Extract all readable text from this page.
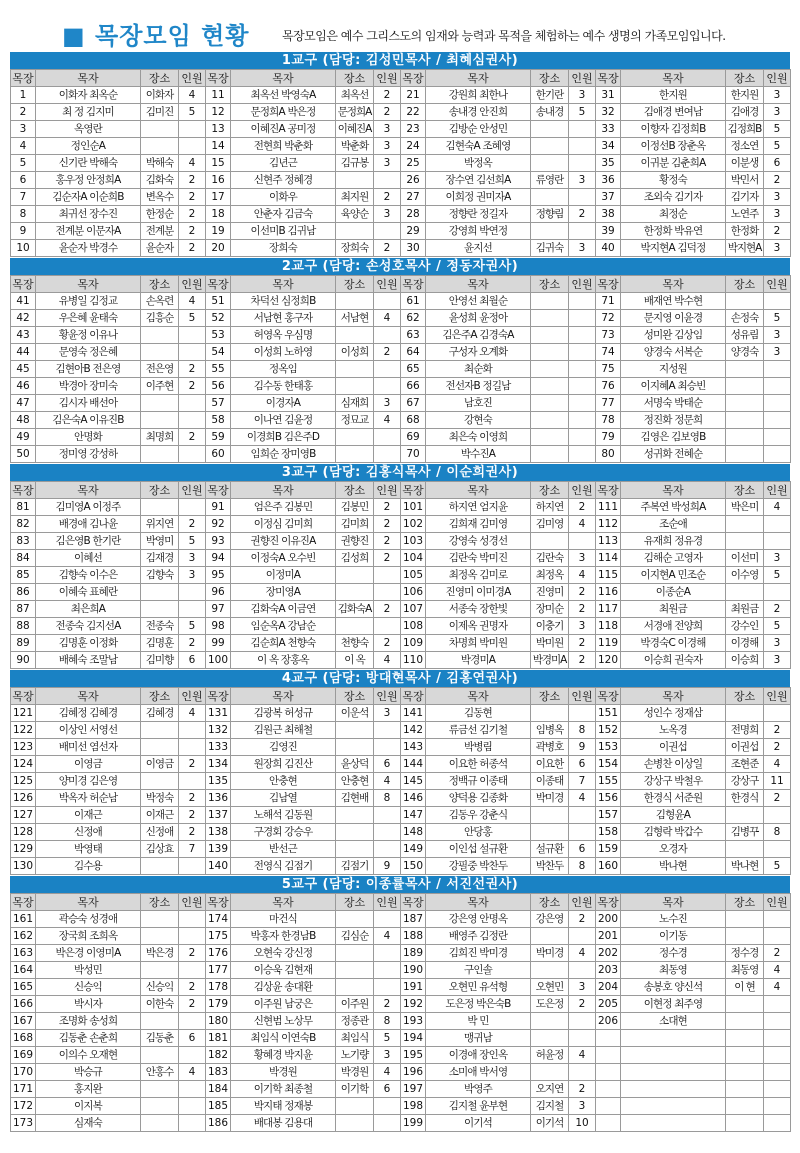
■ 목장모임 현황	목장모임은 예수 그리스도의 임재와 능력과 목적을 체험하는 예수 생명의 가족모임입니다.
1교구 (담당: 김성민목사 / 최혜심권사)
목장	목자	장소	인원	목장	목자	장소	인원	목장	목자	장소	인원	목장	목자	장소	인원
1	이화자 최옥순	이화자	4	11	최옥선 박영숙A	최옥선	2	21	강원희 최한나	한기란	3	31	한지원	한지원	3
2	최 정 김지미	김미진	5	12	문정희A 박은정	문정희A	2	22	송내경 안진희	송내경	5	32	김애경 변여남	김애경	3
3	옥영란			13	이혜진A 공미정	이혜진A	3	23	김방순 안성민			33	이향자 김정희B	김정희B	5
4	정인순A			14	전현희 박춘화	박춘화	3	24	김현숙A 조혜영			34	이정선B 장춘옥	정소연	5
5	신기란 박해숙	박해숙	4	15	김년근	김규봉	3	25	박정옥			35	이귀분 김춘희A	이분생	6
6	홍우정 안정희A	김화숙	2	16	신현주 정혜경			26	장수연 김선희A	류영란	3	36	황정숙	박민서	2
7	김순자A 이순희B	변옥수	2	17	이화우	최지원	2	27	이희정 권미자A			37	조외숙 김기자	김기자	3
8	최귀선 장수진	한정순	2	18	안춘자 김금숙	육양순	3	28	정향란 정길자	정향림	2	38	최정순	노연주	3
9	전계분 이문자A	전계분	2	19	이선미B 김귀남			29	강영희 박연정			39	한정화 박유연	한정화	2
10	윤순자 박경수	윤순자	2	20	장희숙	장희숙	2	30	윤지선	김귀숙	3	40	박지현A 김덕정	박지현A	3
2교구 (담당: 손성호목사 / 정동자권사)
목장	목자	장소	인원	목장	목자	장소	인원	목장	목자	장소	인원	목장	목자	장소	인원
41	유병일 김정교	손옥련	4	51	차덕선 심정희B			61	안영선 최월순			71	배재연 박수현		
42	우은혜 윤태숙	김흥순	5	52	서남현 홍구자	서남현	4	62	윤성희 윤정아			72	문지영 이윤경	손정숙	5
43	황윤정 이유나			53	허영옥 우심명			63	김은주A 김경숙A			73	성미완 김상임	성유림	3
44	문영숙 정은혜			54	이성희 노하영	이성희	2	64	구성자 오계화			74	양경숙 서복순	양경숙	3
45	김현아B 전은영	전은영	2	55	정옥임			65	최순화			75	지성원		
46	박경아 장미숙	이주현	2	56	김수동 한태홍			66	전선자B 정길남			76	이지혜A 최승빈		
47	김시자 배선아			57	이경자A	심재희	3	67	남호진			77	서명숙 박태순		
48	김은숙A 이유진B			58	이나연 김윤정	정묘교	4	68	강현숙			78	정진화 정문희		
49	안명화	최명희	2	59	이경희B 김은주D			69	최은숙 이영희			79	김영은 김보영B		
50	정미영 강성하			60	임희순 장미영B			70	박수진A			80	성귀화 전혜순		
3교구 (담당: 김홍식목사 / 이순희권사)
목장	목자	장소	인원	목장	목자	장소	인원	목장	목자	장소	인원	목장	목자	장소	인원
81	김미영A 이정주			91	엄은주 김봉민	김봉민	2	101	하지연 엄지윤	하지연	2	111	주복연 박성희A	박은미	4
82	배경애 김나윤	위지연	2	92	이정심 김미희	김미희	2	102	김희재 김미영	김미영	4	112	조순애		
83	김은영B 한기란	박영미	5	93	권향진 이유진A	권향진	2	103	강영숙 성경선			113	유재희 정유경		
84	이혜선	김재경	3	94	이정숙A 오수빈	김성희	2	104	김란숙 박미진	김란숙	3	114	김해순 고영자	이선미	3
85	김향숙 이수은	김향숙	3	95	이정미A			105	최정옥 김미로	최정옥	4	115	이지현A 민조순	이수영	5
86	이혜숙 표혜란			96	장미영A			106	진영미 이미경A	진영미	2	116	이종순A		
87	최은희A			97	김화숙A 이금연	김화숙A	2	107	서종숙 장한빛	장미순	2	117	최원금	최원금	2
88	전종숙 김지선A	전종숙	5	98	임순옥A 강남순			108	이제옥 권명자	이충기	3	118	서경애 전양희	강수인	5
89	김명훈 이정화	김명훈	2	99	김순희A 천향숙	천향숙	2	109	차명희 박미원	박미원	2	119	박경숙C 이경해	이경해	3
90	배혜숙 조말남	김미향	6	100	이 옥 장홍옥	이 옥	4	110	박경미A	박경미A	2	120	이승희 권숙자	이승희	3
4교구 (담당: 방대현목사 / 김홍연권사)
목장	목자	장소	인원	목장	목자	장소	인원	목장	목자	장소	인원	목장	목자	장소	인원
121	김혜정 김혜경	김혜경	4	131	김광복 허성규	이운석	3	141	김동현			151	성인수 정재삼		
122	이상인 서영선			132	김원근 최해철			142	류금선 김기철	임병옥	8	152	노옥경	전명희	2
123	배미선 염선자			133	김영진			143	박병림	곽병호	9	153	이권섭	이권섭	2
124	이영금	이영금	2	134	원장희 김진산	윤상덕	6	144	이요한 허종석	이요한	6	154	손병찬 이상일	조현준	4
125	양미경 김은영			135	안충현	안충현	4	145	정백규 이종태	이종태	7	155	강상구 박철우	강상구	11
126	박옥자 허순남	박정숙	2	136	김남열	김현배	8	146	양덕용 김종화	박미경	4	156	한경식 서준원	한경식	2
127	이재근	이재근	2	137	노해석 김동원			147	김동우 강춘식			157	김형윤A		
128	신정애	신정애	2	138	구경회 강승우			148	안당홍			158	김형락 박갑수	김병꾸	8
129	박영태	김상효	7	139	반선근			149	이인섭 설규환	설규환	6	159	오경자		
130	김수용			140	전영식 김점기	김점기	9	150	강필중 박찬두	박찬두	8	160	박나현	박나현	5
5교구 (담당: 이종률목사 / 서진선권사)
목장	목자	장소	인원	목장	목자	장소	인원	목장	목자	장소	인원	목장	목자	장소	인원
161	곽승숙 성경애			174	마건식			187	강은영 안명옥	강은영	2	200	노수진		
162	장국희 조희옥			175	박홍자 한경남B	김심순	4	188	배영주 김정란			201	이기동		
163	박은경 이영미A	박은경	2	176	오현숙 강신정			189	김희진 박미경	박미경	4	202	정수경	정수경	2
164	박성민			177	이승욱 김현재			190	구인솔			203	최동영	최동영	4
165	신승익	신승익	2	178	김상윤 송대환			191	오현민 유석형	오현민	3	204	송봉호 양신석	이 현	4
166	박시자	이한숙	2	179	이주원 남궁은	이주원	2	192	도은정 박은숙B	도은정	2	205	이현정 최주영		
167	조명화 송성희			180	신현범 노상무	정종관	8	193	박 민			206	소대현		
168	김동춘 손춘희	김동춘	6	181	최임식 이연숙B	최임식	5	194	맹귀남						
169	이의수 오재현			182	황혜경 박지윤	노기량	3	195	이경애 장인옥	허윤정	4				
170	박승규	안홍수	4	183	박경원	박경원	4	196	소미애 박서영						
171	홍지완			184	이기학 최종철	이기학	6	197	박영주	오지연	2				
172	이지복			185	박지태 정재봉			198	김지철 윤부현	김지철	3				
173	심재숙			186	배대봉 김용대			199	이기석	이기석	10				
